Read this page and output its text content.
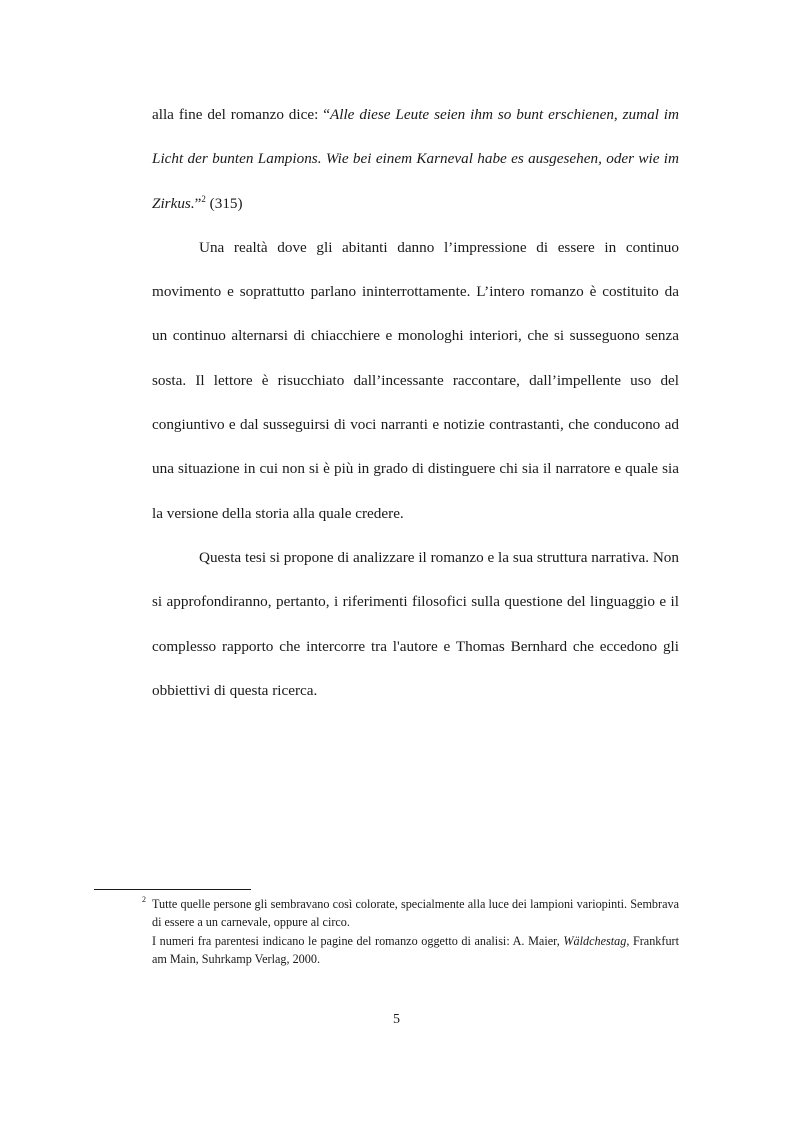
alla fine del romanzo dice: “Alle diese Leute seien ihm so bunt erschienen, zumal im Licht der bunten Lampions. Wie bei einem Karneval habe es ausgesehen, oder wie im Zirkus.”$^2$ (315)

Una realtà dove gli abitanti danno l’impressione di essere in continuo movimento e soprattutto parlano ininterrottamente. L’intero romanzo è costituito da un continuo alternarsi di chiacchiere e monologhi interiori, che si susseguono senza sosta. Il lettore è risucchiato dall’incessante raccontare, dall’impellente uso del congiuntivo e dal susseguirsi di voci narranti e notizie contrastanti, che conducono ad una situazione in cui non si è più in grado di distinguere chi sia il narratore e quale sia la versione della storia alla quale credere.

Questa tesi si propone di analizzare il romanzo e la sua struttura narrativa. Non si approfondiranno, pertanto, i riferimenti filosofici sulla questione del linguaggio e il complesso rapporto che intercorre tra l'autore e Thomas Bernhard che eccedono gli obbiettivi di questa ricerca.

2 Tutte quelle persone gli sembravano così colorate, specialmente alla luce dei lampioni variopinti. Sembrava di essere a un carnevale, oppure al circo.

I numeri fra parentesi indicano le pagine del romanzo oggetto di analisi: A. Maier, Wäldchestag, Frankfurt am Main, Suhrkamp Verlag, 2000.

5
